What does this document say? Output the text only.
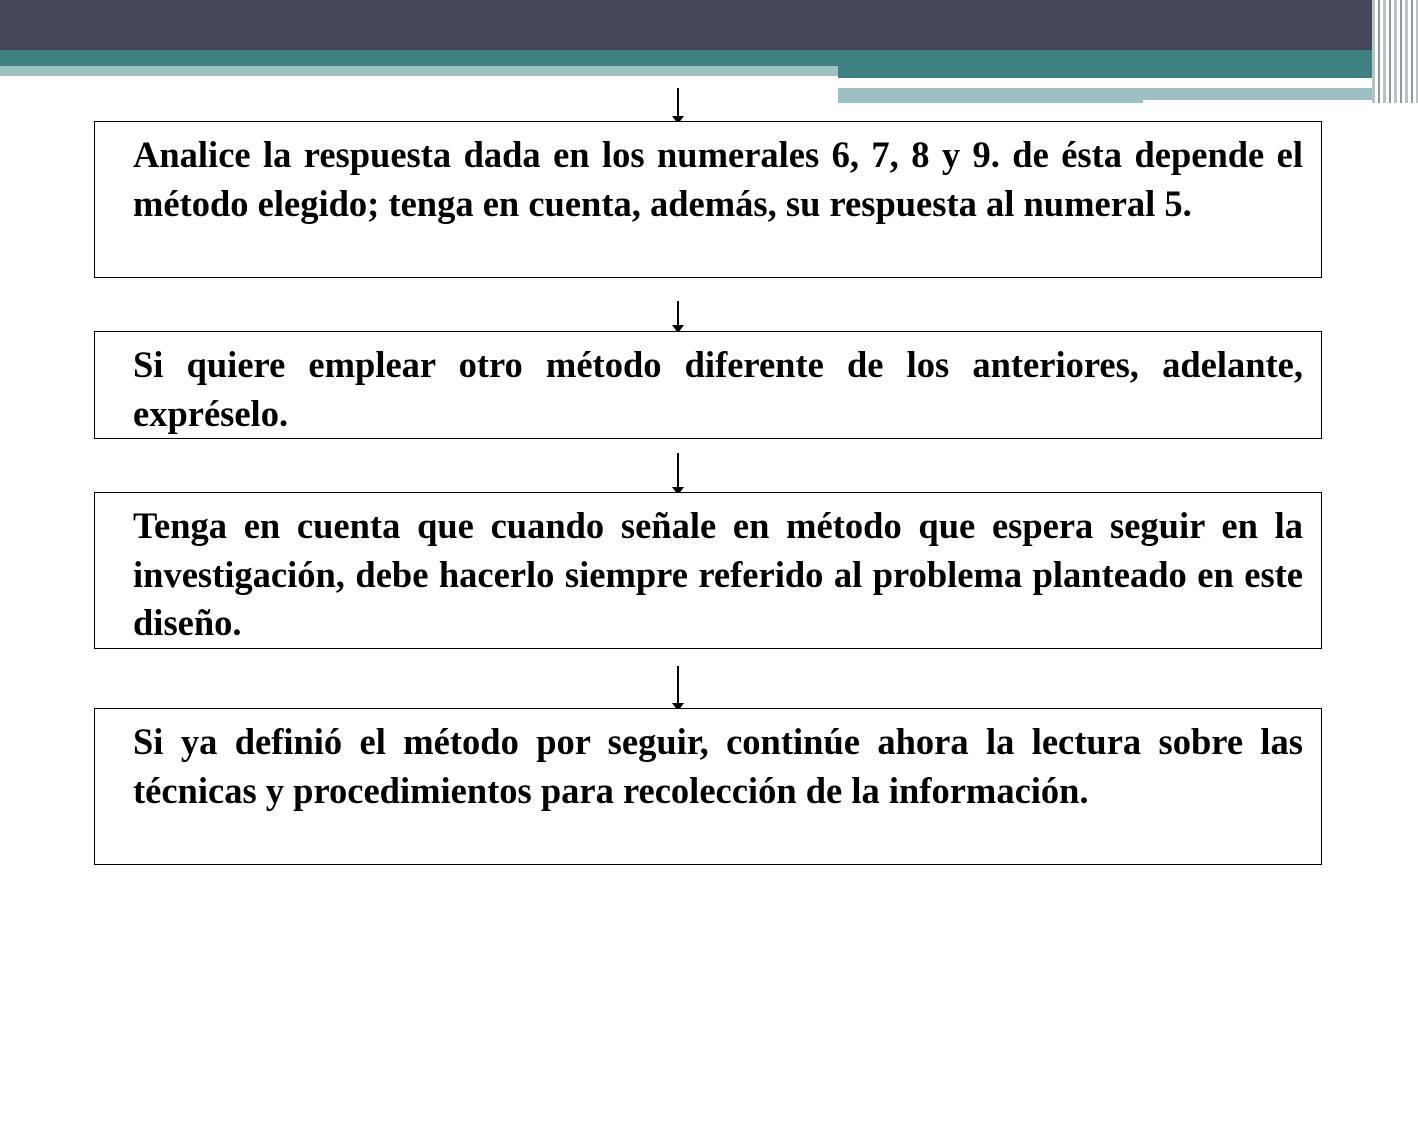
Analice la respuesta dada en los numerales 6, 7, 8 y 9. de ésta depende el método elegido; tenga en cuenta, además, su respuesta al numeral 5.

Si quiere emplear otro método diferente de los anteriores, adelante, expréselo.

Tenga en cuenta que cuando señale en método que espera seguir en la investigación, debe hacerlo siempre referido al problema planteado en este diseño.

Si ya definió el método por seguir, continúe ahora la lectura sobre las técnicas y procedimientos para recolección de la información.
